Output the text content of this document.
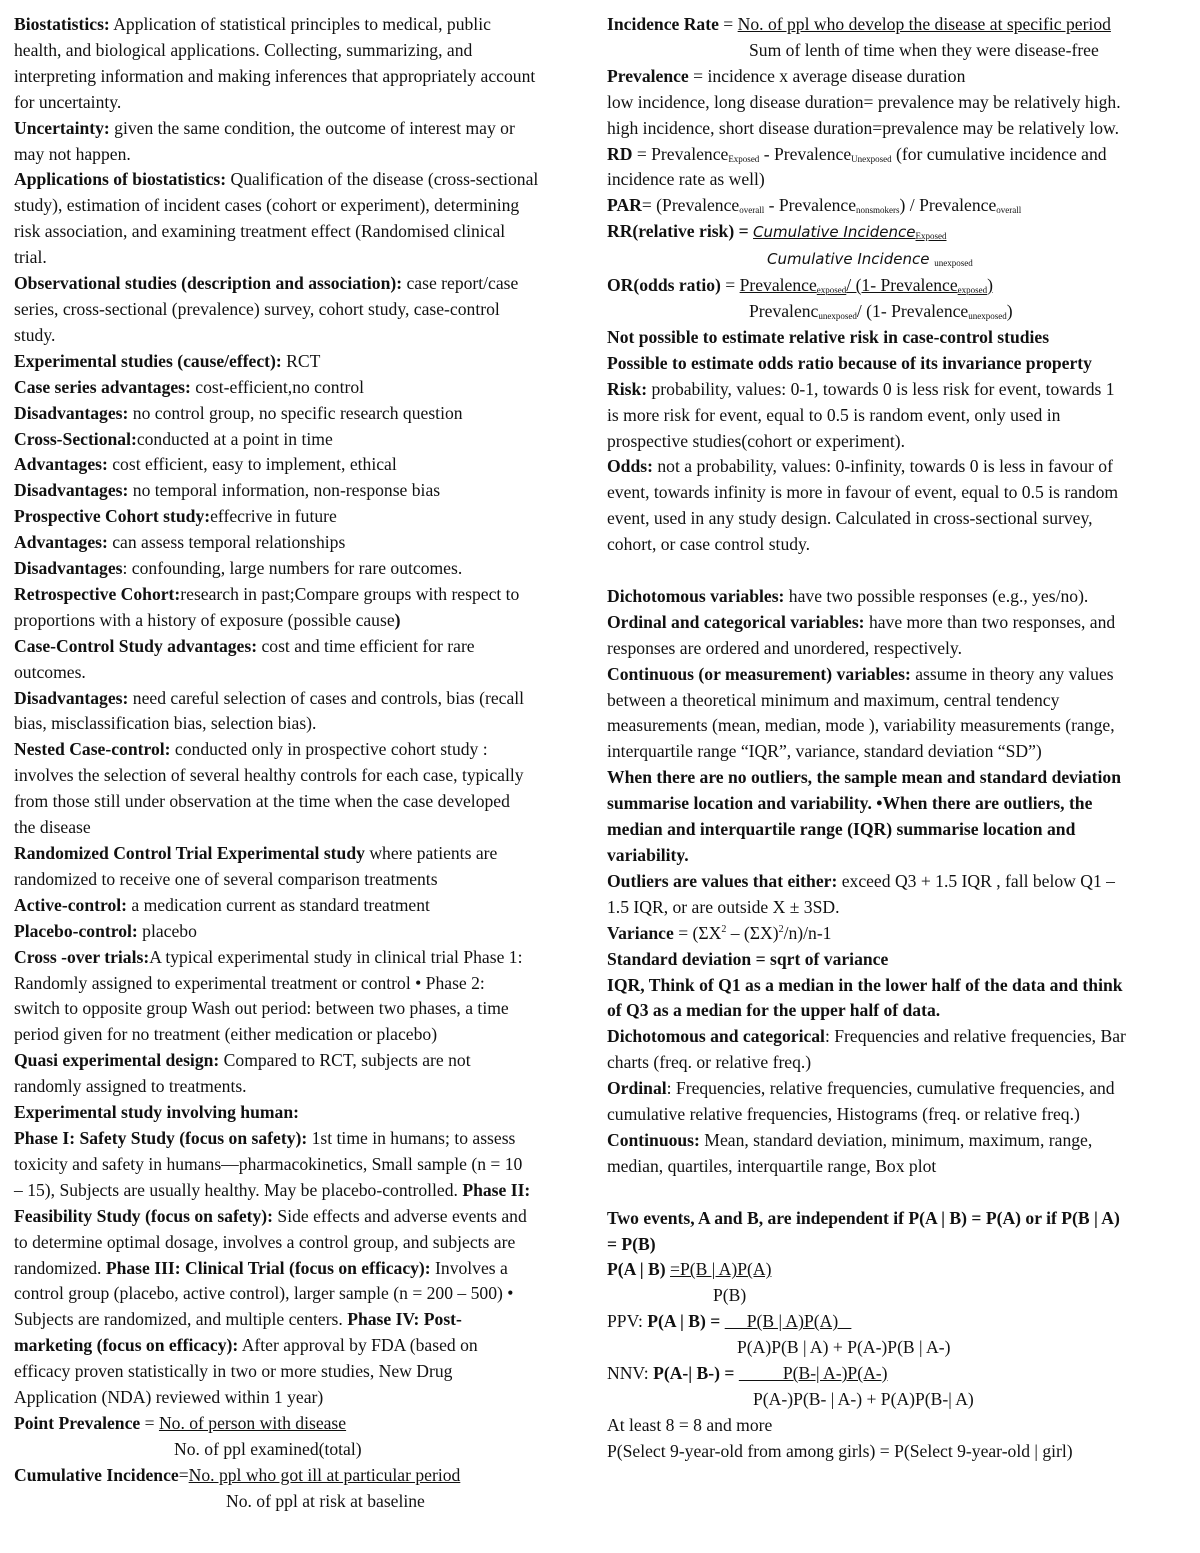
Biostatistics: Application of statistical principles to medical, public

health, and biological applications. Collecting, summarizing, and

interpreting information and making inferences that appropriately account

for uncertainty.

Uncertainty: given the same condition, the outcome of interest may or

may not happen.

Applications of biostatistics: Qualification of the disease (cross-sectional

study), estimation of incident cases (cohort or experiment), determining

risk association, and examining treatment effect (Randomised clinical

trial.

Observational studies (description and association): case report/case

series, cross-sectional (prevalence) survey, cohort study, case-control

study.

Experimental studies (cause/effect): RCT

Case series advantages: cost-efficient,no control

Disadvantages: no control group, no specific research question

Cross-Sectional:conducted at a point in time

Advantages: cost efficient, easy to implement, ethical

Disadvantages: no temporal information, non-response bias

Prospective Cohort study:effecrive in future

Advantages: can assess temporal relationships

Disadvantages: confounding, large numbers for rare outcomes.

Retrospective Cohort:research in past;Compare groups with respect to

proportions with a history of exposure (possible cause)

Case-Control Study advantages: cost and time efficient for rare

outcomes.

Disadvantages: need careful selection of cases and controls, bias (recall

bias, misclassification bias, selection bias).

Nested Case-control: conducted only in prospective cohort study :

involves the selection of several healthy controls for each case, typically

from those still under observation at the time when the case developed

the disease

Randomized Control Trial Experimental study where patients are

randomized to receive one of several comparison treatments

Active-control: a medication current as standard treatment

Placebo-control: placebo

Cross -over trials:A typical experimental study in clinical trial Phase 1:

Randomly assigned to experimental treatment or control • Phase 2:

switch to opposite group Wash out period: between two phases, a time

period given for no treatment (either medication or placebo)

Quasi experimental design: Compared to RCT, subjects are not

randomly assigned to treatments.

Experimental study involving human:

Phase I: Safety Study (focus on safety): 1st time in humans; to assess

toxicity and safety in humans—pharmacokinetics, Small sample (n = 10

– 15), Subjects are usually healthy. May be placebo-controlled. Phase II:

Feasibility Study (focus on safety): Side effects and adverse events and

to determine optimal dosage, involves a control group, and subjects are

randomized. Phase III: Clinical Trial (focus on efficacy): Involves a

control group (placebo, active control), larger sample (n = 200 – 500) •

Subjects are randomized, and multiple centers. Phase IV: Post-

marketing (focus on efficacy): After approval by FDA (based on

efficacy proven statistically in two or more studies, New Drug

Application (NDA) reviewed within 1 year)

Point Prevalence = No. of person with disease

No. of ppl examined(total)

Cumulative Incidence=No. ppl who got ill at particular period

No. of ppl at risk at baseline

Incidence Rate = No. of ppl who develop the disease at specific period

Sum of lenth of time when they were disease-free

Prevalence = incidence x average disease duration

low incidence, long disease duration= prevalence may be relatively high.

high incidence, short disease duration=prevalence may be relatively low.

RD = Prevalence$_{Exposed}$ - Prevalence$_{Unexposed}$ (for cumulative incidence and

incidence rate as well)

PAR= (Prevalence$_{overall}$ - Prevalence$_{nonsmokers}$) / Prevalence$_{overall}$

RR(relative risk) = Cumulative Incidence$_{Exposed}$

Cumulative Incidence $_{unexposed}$

OR(odds ratio) = Prevalence$_{exposed}$/ (1- Prevalence$_{exposed}$)

Prevalenc$_{unexposed}$/ (1- Prevalence$_{unexposed}$)

Not possible to estimate relative risk in case-control studies

Possible to estimate odds ratio because of its invariance property

Risk: probability, values: 0-1, towards 0 is less risk for event, towards 1

is more risk for event, equal to 0.5 is random event, only used in

prospective studies(cohort or experiment).

Odds: not a probability, values: 0-infinity, towards 0 is less in favour of

event, towards infinity is more in favour of event, equal to 0.5 is random

event, used in any study design. Calculated in cross-sectional survey,

cohort, or case control study.

Dichotomous variables: have two possible responses (e.g., yes/no).

Ordinal and categorical variables: have more than two responses, and

responses are ordered and unordered, respectively.

Continuous (or measurement) variables: assume in theory any values

between a theoretical minimum and maximum, central tendency

measurements (mean, median, mode ), variability measurements (range,

interquartile range “IQR”, variance, standard deviation “SD”)

When there are no outliers, the sample mean and standard deviation

summarise location and variability. •When there are outliers, the

median and interquartile range (IQR) summarise location and

variability.

Outliers are values that either: exceed Q3 + 1.5 IQR , fall below Q1 –

1.5 IQR, or are outside X ± 3SD.

Variance = $(\Sigma X^2 - (\Sigma X)^2/n)/n-1$

Standard deviation = sqrt of variance

IQR, Think of Q1 as a median in the lower half of the data and think

of Q3 as a median for the upper half of data.

Dichotomous and categorical: Frequencies and relative frequencies, Bar

charts (freq. or relative freq.)

Ordinal: Frequencies, relative frequencies, cumulative frequencies, and

cumulative relative frequencies, Histograms (freq. or relative freq.)

Continuous: Mean, standard deviation, minimum, maximum, range,

median, quartiles, interquartile range, Box plot

Two events, A and B, are independent if P(A | B) = P(A) or if P(B | A)

= P(B)

P(A | B) =P(B | A)P(A)

P(B)

PPV: P(A | B) =      P(B | A)P(A)

P(A)P(B | A) + P(A-)P(B | A-)

NNV: P(A-| B-) =           P(B-| A-)P(A-)

P(A-)P(B- | A-) + P(A)P(B-| A)

At least 8 = 8 and more

P(Select 9-year-old from among girls) = P(Select 9-year-old | girl)
